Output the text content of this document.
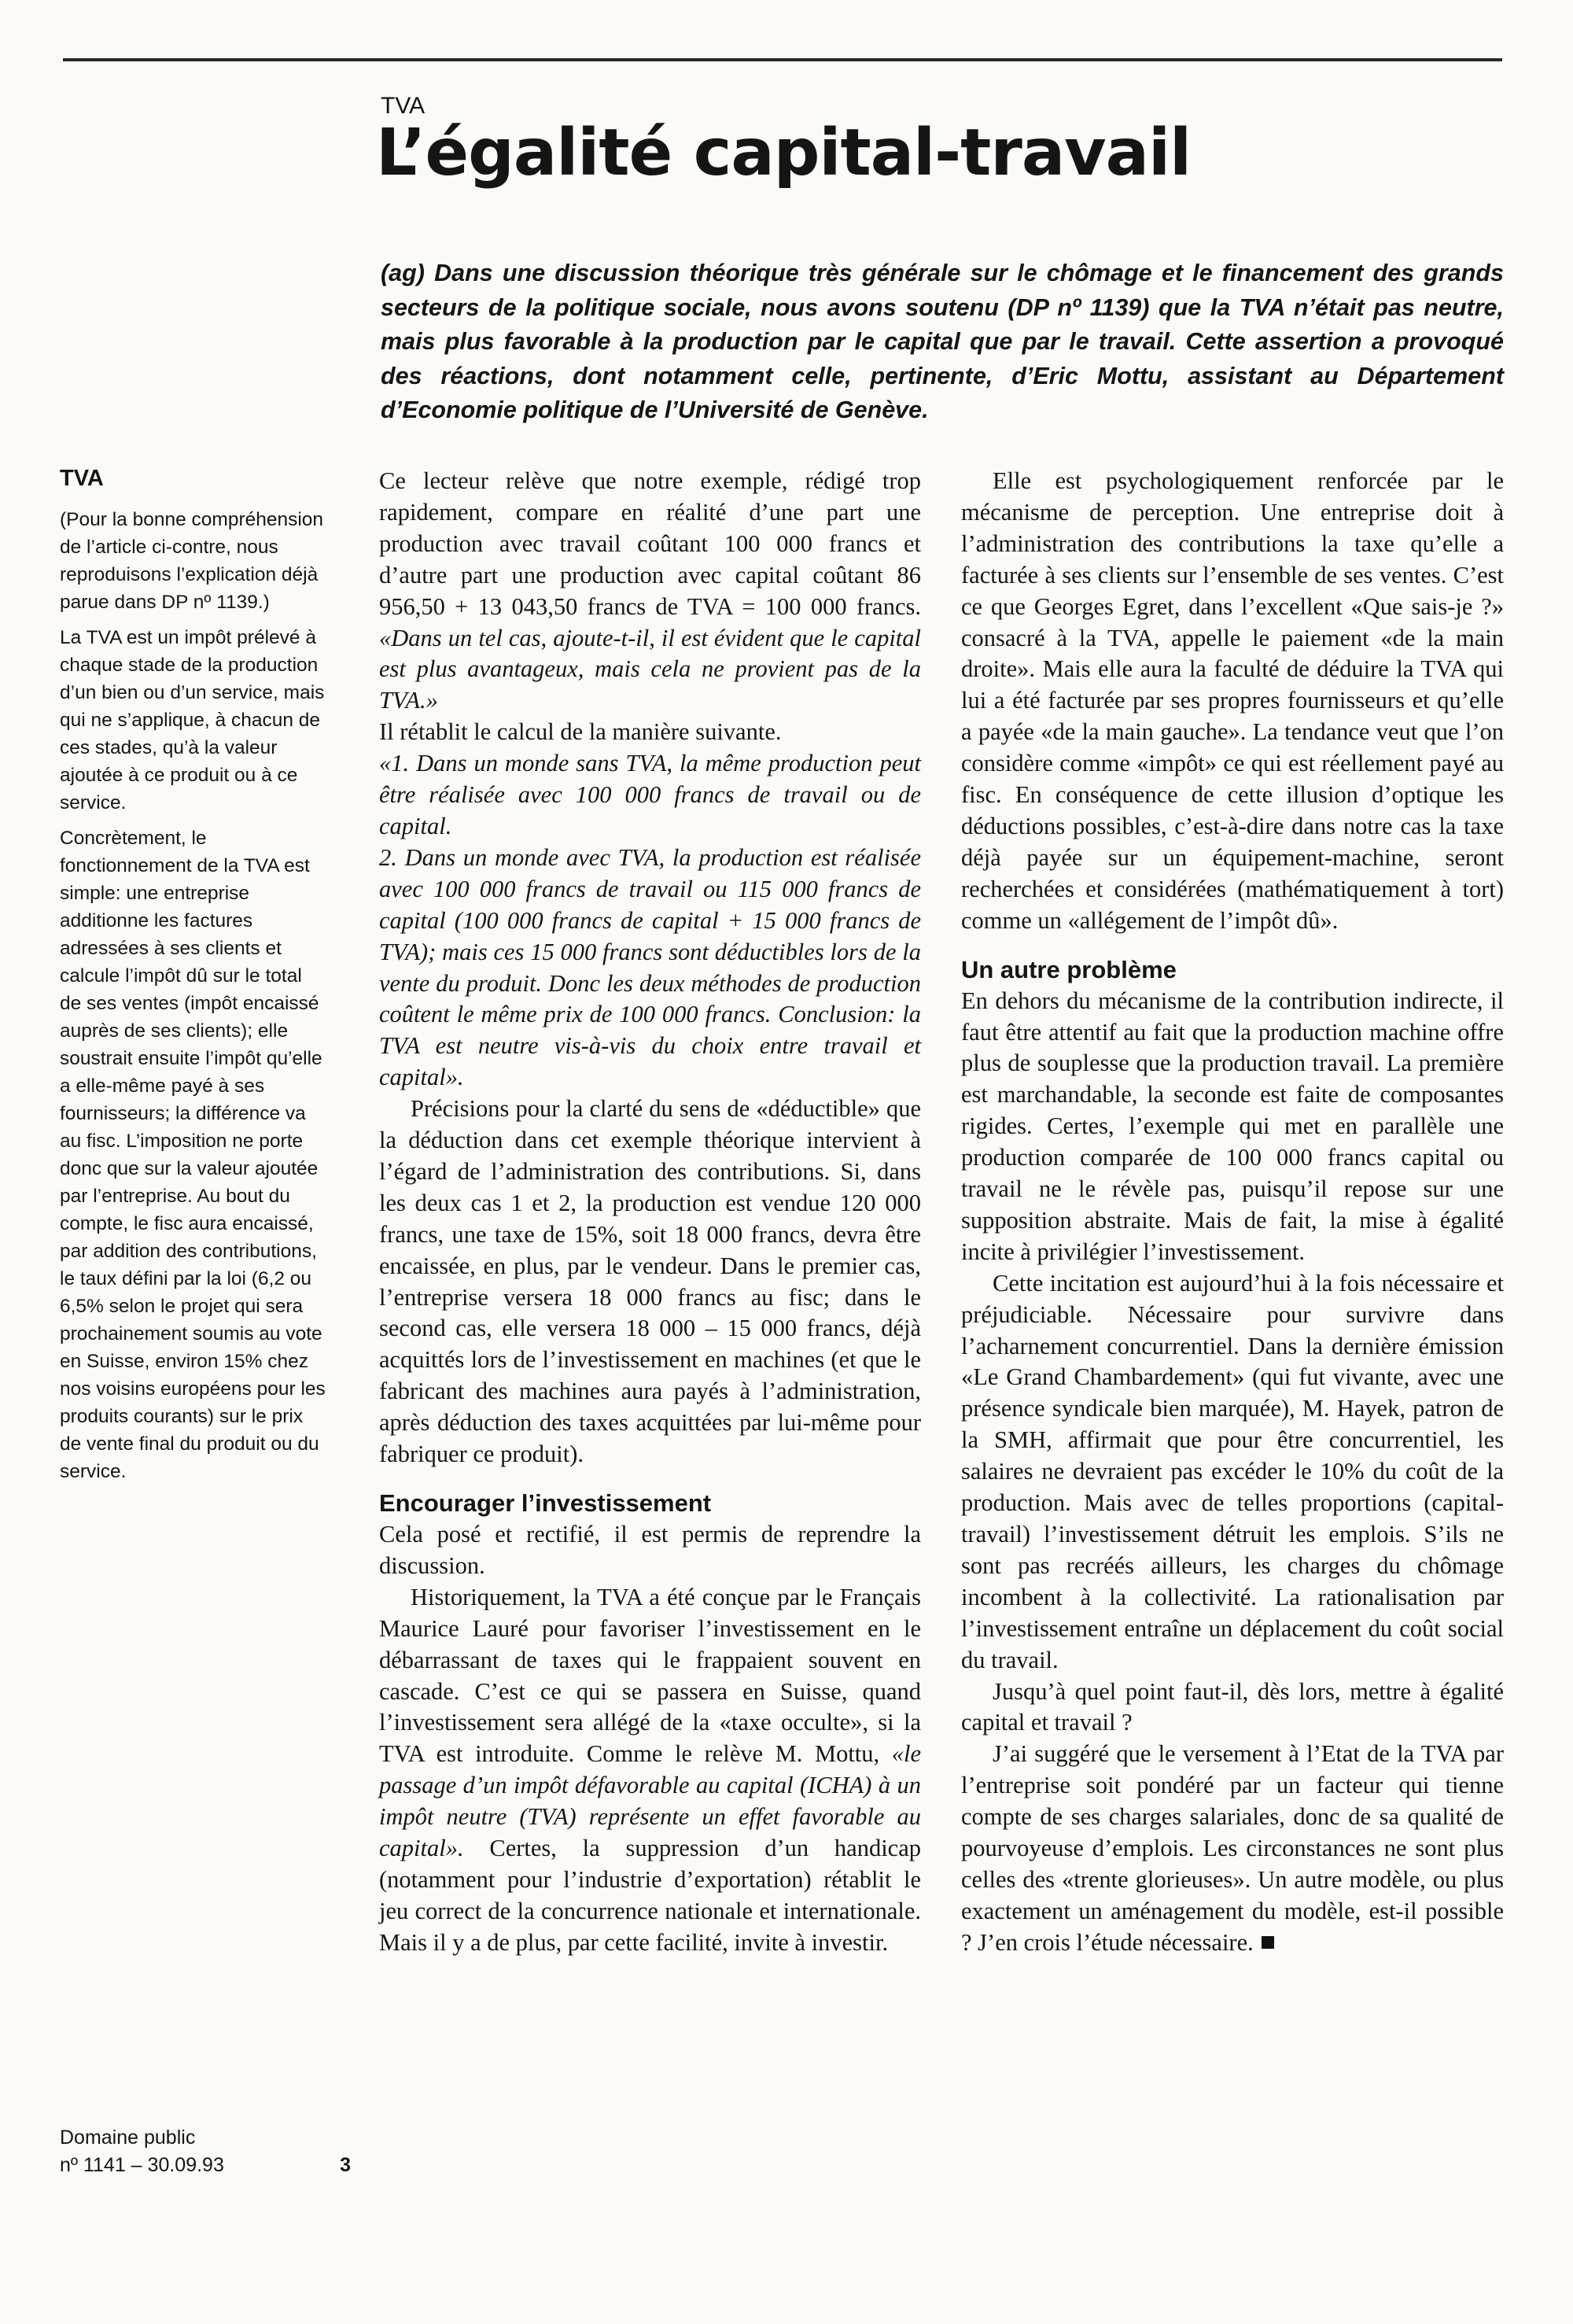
TVA
L’égalité capital-travail

(ag) Dans une discussion théorique très générale sur le chômage et le financement des grands secteurs de la politique sociale, nous avons soutenu (DP nº 1139) que la TVA n’était pas neutre, mais plus favorable à la production par le capital que par le travail. Cette assertion a provoqué des réactions, dont notamment celle, pertinente, d’Eric Mottu, assistant au Département d’Economie politique de l’Université de Genève.

TVA

(Pour la bonne compréhension de l’article ci-contre, nous reproduisons l’explication déjà parue dans DP nº 1139.)

La TVA est un impôt prélevé à chaque stade de la production d’un bien ou d’un service, mais qui ne s’applique, à chacun de ces stades, qu’à la valeur ajoutée à ce produit ou à ce service.

Concrètement, le fonctionnement de la TVA est simple: une entreprise additionne les factures adressées à ses clients et calcule l’impôt dû sur le total de ses ventes (impôt encaissé auprès de ses clients); elle soustrait ensuite l’impôt qu’elle a elle-même payé à ses fournisseurs; la différence va au fisc. L’imposition ne porte donc que sur la valeur ajoutée par l’entreprise. Au bout du compte, le fisc aura encaissé, par addition des contributions, le taux défini par la loi (6,2 ou 6,5% selon le projet qui sera prochainement soumis au vote en Suisse, environ 15% chez nos voisins européens pour les produits courants) sur le prix de vente final du produit ou du service.

Domaine public
nº 1141 – 30.09.93	3

Ce lecteur relève que notre exemple, rédigé trop rapidement, compare en réalité d’une part une production avec travail coûtant 100 000 francs et d’autre part une production avec capital coûtant 86 956,50 + 13 043,50 francs de TVA = 100 000 francs. «Dans un tel cas, ajoute-t-il, il est évident que le capital est plus avantageux, mais cela ne provient pas de la TVA.»

Il rétablit le calcul de la manière suivante.

«1. Dans un monde sans TVA, la même production peut être réalisée avec 100 000 francs de travail ou de capital.

2. Dans un monde avec TVA, la production est réalisée avec 100 000 francs de travail ou 115 000 francs de capital (100 000 francs de capital + 15 000 francs de TVA); mais ces 15 000 francs sont déductibles lors de la vente du produit. Donc les deux méthodes de production coûtent le même prix de 100 000 francs. Conclusion: la TVA est neutre vis-à-vis du choix entre travail et capital».

Précisions pour la clarté du sens de «déductible» que la déduction dans cet exemple théorique intervient à l’égard de l’administration des contributions. Si, dans les deux cas 1 et 2, la production est vendue 120 000 francs, une taxe de 15%, soit 18 000 francs, devra être encaissée, en plus, par le vendeur. Dans le premier cas, l’entreprise versera 18 000 francs au fisc; dans le second cas, elle versera 18 000 – 15 000 francs, déjà acquittés lors de l’investissement en machines (et que le fabricant des machines aura payés à l’administration, après déduction des taxes acquittées par lui-même pour fabriquer ce produit).

Encourager l’investissement

Cela posé et rectifié, il est permis de reprendre la discussion.

Historiquement, la TVA a été conçue par le Français Maurice Lauré pour favoriser l’investissement en le débarrassant de taxes qui le frappaient souvent en cascade. C’est ce qui se passera en Suisse, quand l’investissement sera allégé de la «taxe occulte», si la TVA est introduite. Comme le relève M. Mottu, «le passage d’un impôt défavorable au capital (ICHA) à un impôt neutre (TVA) représente un effet favorable au capital». Certes, la suppression d’un handicap (notamment pour l’industrie d’exportation) rétablit le jeu correct de la concurrence nationale et internationale. Mais il y a de plus, par cette facilité, invite à investir.

Elle est psychologiquement renforcée par le mécanisme de perception. Une entreprise doit à l’administration des contributions la taxe qu’elle a facturée à ses clients sur l’ensemble de ses ventes. C’est ce que Georges Egret, dans l’excellent «Que sais-je ?» consacré à la TVA, appelle le paiement «de la main droite». Mais elle aura la faculté de déduire la TVA qui lui a été facturée par ses propres fournisseurs et qu’elle a payée «de la main gauche». La tendance veut que l’on considère comme «impôt» ce qui est réellement payé au fisc. En conséquence de cette illusion d’optique les déductions possibles, c’est-à-dire dans notre cas la taxe déjà payée sur un équipement-machine, seront recherchées et considérées (mathématiquement à tort) comme un «allégement de l’impôt dû».

Un autre problème

En dehors du mécanisme de la contribution indirecte, il faut être attentif au fait que la production machine offre plus de souplesse que la production travail. La première est marchandable, la seconde est faite de composantes rigides. Certes, l’exemple qui met en parallèle une production comparée de 100 000 francs capital ou travail ne le révèle pas, puisqu’il repose sur une supposition abstraite. Mais de fait, la mise à égalité incite à privilégier l’investissement.

Cette incitation est aujourd’hui à la fois nécessaire et préjudiciable. Nécessaire pour survivre dans l’acharnement concurrentiel. Dans la dernière émission «Le Grand Chambardement» (qui fut vivante, avec une présence syndicale bien marquée), M. Hayek, patron de la SMH, affirmait que pour être concurrentiel, les salaires ne devraient pas excéder le 10% du coût de la production. Mais avec de telles proportions (capital-travail) l’investissement détruit les emplois. S’ils ne sont pas recréés ailleurs, les charges du chômage incombent à la collectivité. La rationalisation par l’investissement entraîne un déplacement du coût social du travail.

Jusqu’à quel point faut-il, dès lors, mettre à égalité capital et travail ?

J’ai suggéré que le versement à l’Etat de la TVA par l’entreprise soit pondéré par un facteur qui tienne compte de ses charges salariales, donc de sa qualité de pourvoyeuse d’emplois. Les circonstances ne sont plus celles des «trente glorieuses». Un autre modèle, ou plus exactement un aménagement du modèle, est-il possible ? J’en crois l’étude nécessaire.
